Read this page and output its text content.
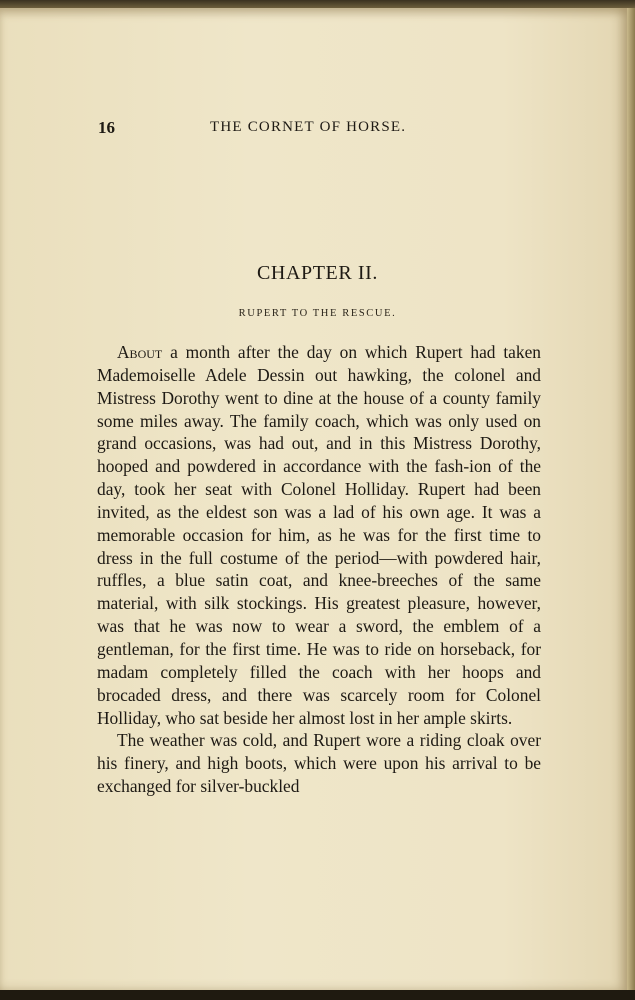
16	THE CORNET OF HORSE.
CHAPTER II.
RUPERT TO THE RESCUE.

About a month after the day on which Rupert had taken Mademoiselle Adele Dessin out hawking, the colonel and Mistress Dorothy went to dine at the house of a county family some miles away. The family coach, which was only used on grand occasions, was had out, and in this Mistress Dorothy, hooped and powdered in accordance with the fash-ion of the day, took her seat with Colonel Holliday. Rupert had been invited, as the eldest son was a lad of his own age. It was a memorable occasion for him, as he was for the first time to dress in the full costume of the period—with powdered hair, ruffles, a blue satin coat, and knee-breeches of the same material, with silk stockings. His greatest pleasure, however, was that he was now to wear a sword, the emblem of a gentleman, for the first time. He was to ride on horseback, for madam completely filled the coach with her hoops and brocaded dress, and there was scarcely room for Colonel Holliday, who sat beside her almost lost in her ample skirts.

The weather was cold, and Rupert wore a riding cloak over his finery, and high boots, which were upon his arrival to be exchanged for silver-buckled
